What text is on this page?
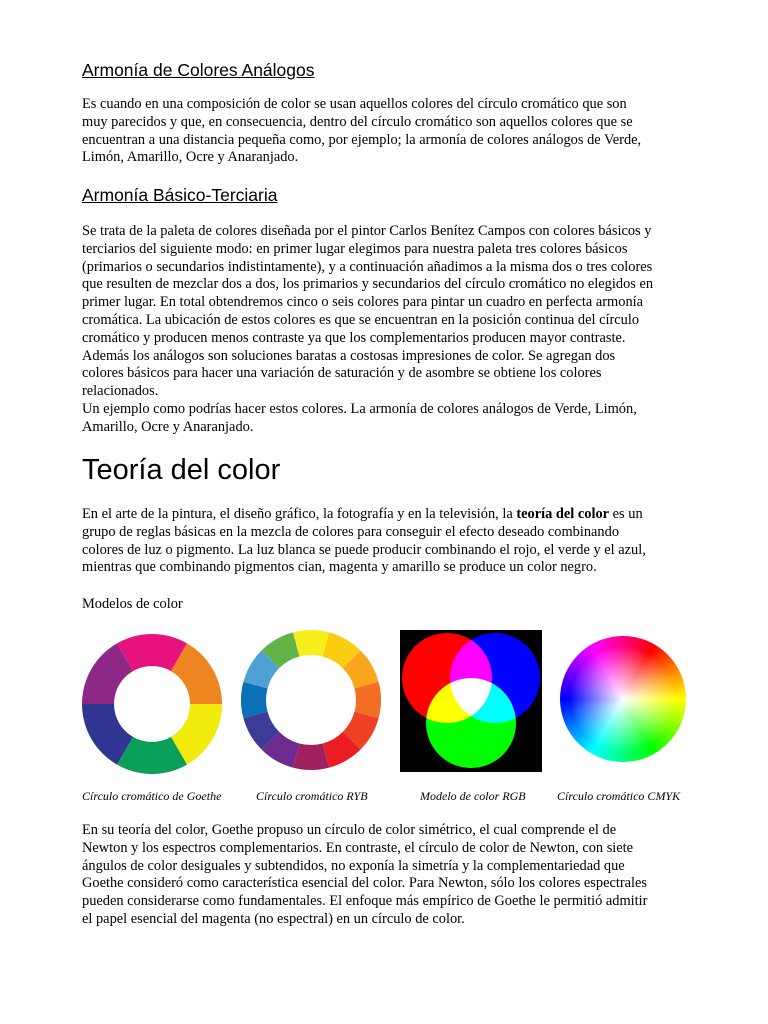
Armonía de Colores Análogos
Es cuando en una composición de color se usan aquellos colores del círculo cromático que son
muy parecidos y que, en consecuencia, dentro del círculo cromático son aquellos colores que se
encuentran a una distancia pequeña como, por ejemplo; la armonía de colores análogos de Verde,
Limón, Amarillo, Ocre y Anaranjado.
Armonía Básico-Terciaria
Se trata de la paleta de colores diseñada por el pintor Carlos Benítez Campos con colores básicos y
terciarios del siguiente modo: en primer lugar elegimos para nuestra paleta tres colores básicos
(primarios o secundarios indistintamente), y a continuación añadimos a la misma dos o tres colores
que resulten de mezclar dos a dos, los primarios y secundarios del círculo cromático no elegidos en
primer lugar. En total obtendremos cinco o seis colores para pintar un cuadro en perfecta armonía
cromática. La ubicación de estos colores es que se encuentran en la posición continua del círculo
cromático y producen menos contraste ya que los complementarios producen mayor contraste.
Además los análogos son soluciones baratas a costosas impresiones de color. Se agregan dos
colores básicos para hacer una variación de saturación y de asombre se obtiene los colores
relacionados.
Un ejemplo como podrías hacer estos colores. La armonía de colores análogos de Verde, Limón,
Amarillo, Ocre y Anaranjado.
Teoría del color
En el arte de la pintura, el diseño gráfico, la fotografía y en la televisión, la teoría del color es un
grupo de reglas básicas en la mezcla de colores para conseguir el efecto deseado combinando
colores de luz o pigmento. La luz blanca se puede producir combinando el rojo, el verde y el azul,
mientras que combinando pigmentos cian, magenta y amarillo se produce un color negro.
Modelos de color
Círculo cromático de Goethe	Círculo cromático RYB	Modelo de color RGB	Círculo cromático CMYK
En su teoría del color, Goethe propuso un círculo de color simétrico, el cual comprende el de
Newton y los espectros complementarios. En contraste, el círculo de color de Newton, con siete
ángulos de color desiguales y subtendidos, no exponía la simetría y la complementariedad que
Goethe consideró como característica esencial del color. Para Newton, sólo los colores espectrales
pueden considerarse como fundamentales. El enfoque más empírico de Goethe le permitió admitir
el papel esencial del magenta (no espectral) en un círculo de color.
